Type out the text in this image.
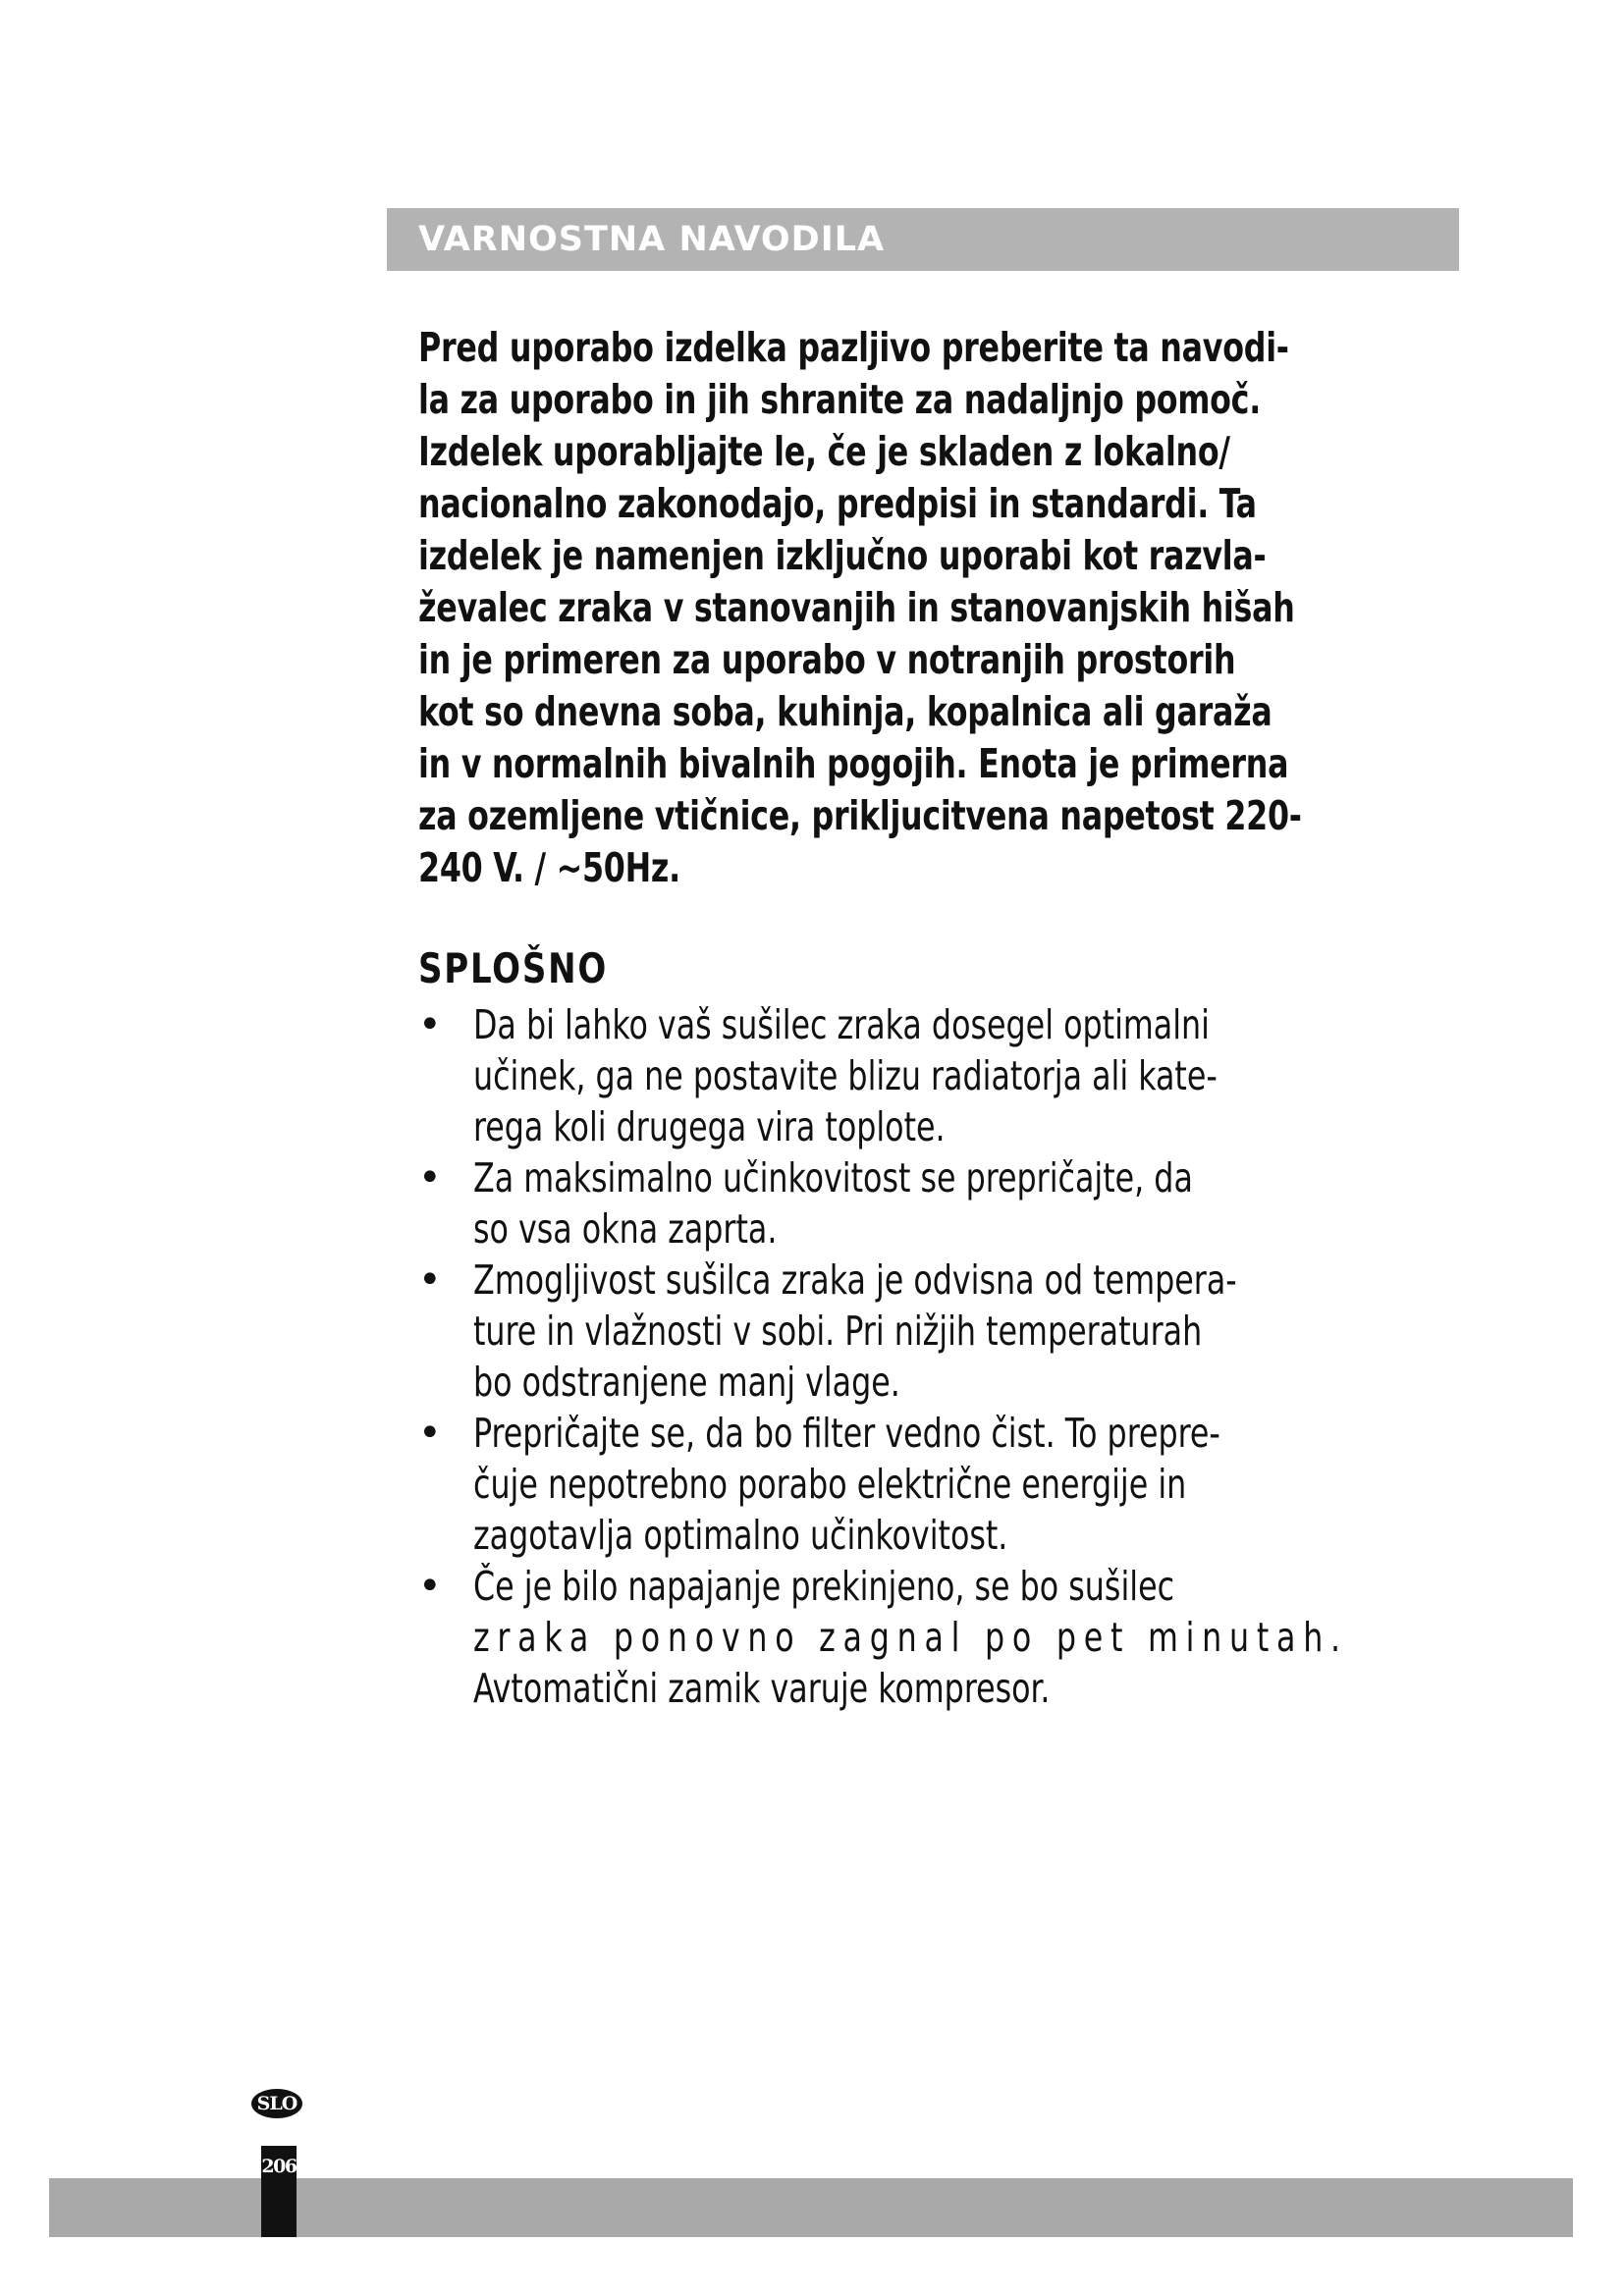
VARNOSTNA NAVODILA

Pred uporabo izdelka pazljivo preberite ta navodi-

la za uporabo in jih shranite za nadaljnjo pomoč.

Izdelek uporabljajte le, če je skladen z lokalno/

nacionalno zakonodajo, predpisi in standardi. Ta

izdelek je namenjen izključno uporabi kot razvla-

ževalec zraka v stanovanjih in stanovanjskih hišah

in je primeren za uporabo v notranjih prostorih

kot so dnevna soba, kuhinja, kopalnica ali garaža

in v normalnih bivalnih pogojih. Enota je primerna

za ozemljene vtičnice, prikljucitvena napetost 220-

240 V. / ~50Hz.

SPLOŠNO
• Da bi lahko vaš sušilec zraka dosegel optimalni
učinek, ga ne postavite blizu radiatorja ali kate-
rega koli drugega vira toplote.
• Za maksimalno učinkovitost se prepričajte, da
so vsa okna zaprta.
• Zmogljivost sušilca zraka je odvisna od tempera-
ture in vlažnosti v sobi. Pri nižjih temperaturah
bo odstranjene manj vlage.
• Prepričajte se, da bo filter vedno čist. To prepre-
čuje nepotrebno porabo električne energije in
zagotavlja optimalno učinkovitost.
• Če je bilo napajanje prekinjeno, se bo sušilec
zraka ponovno zagnal po pet minutah.
Avtomatični zamik varuje kompresor.
SLO
206
